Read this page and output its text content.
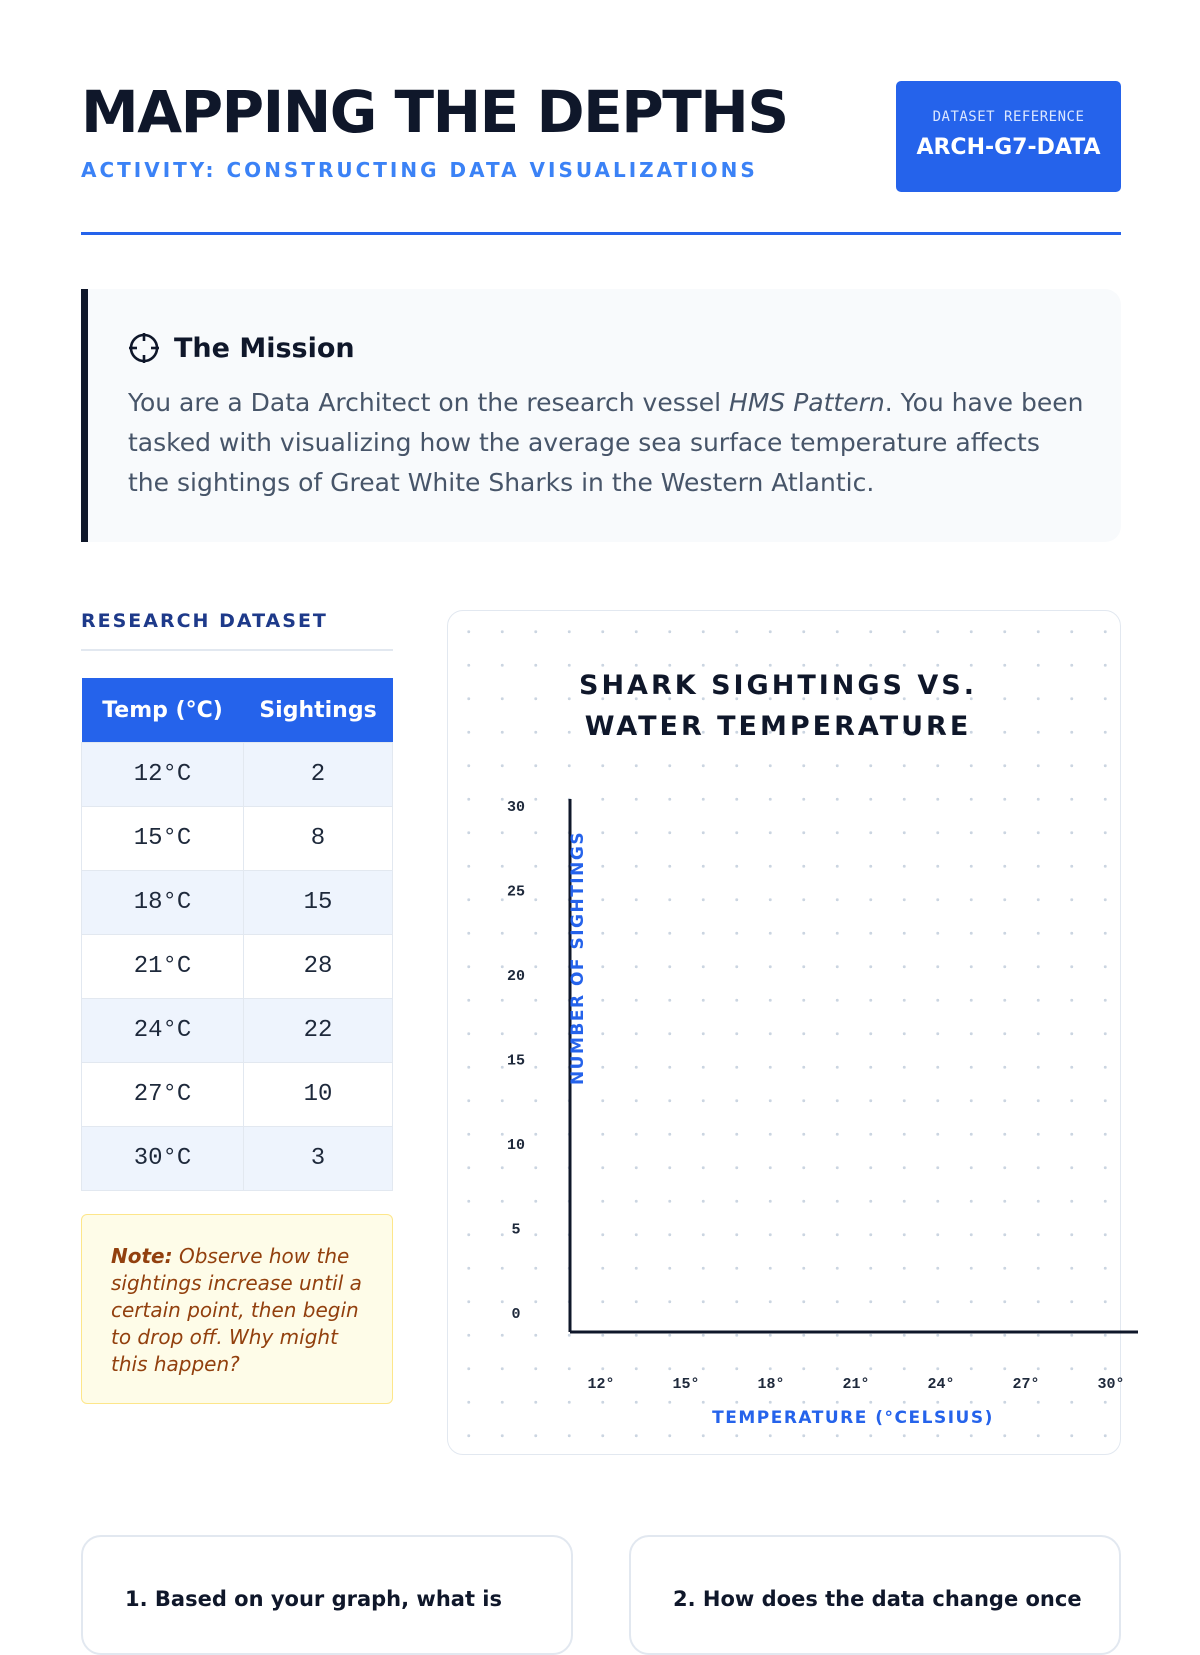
MAPPING THE DEPTHS
ACTIVITY: CONSTRUCTING DATA VISUALIZATIONS
DATASET REFERENCE
ARCH-G7-DATA
The Mission
You are a Data Architect on the research vessel HMS Pattern. You have been tasked with visualizing how the average sea surface temperature affects the sightings of Great White Sharks in the Western Atlantic.
RESEARCH DATASET
Temp (°C)	Sightings
12°C	2
15°C	8
18°C	15
21°C	28
24°C	22
27°C	10
30°C	3
Note: Observe how the sightings increase until a certain point, then begin to drop off. Why might this happen?
SHARK SIGHTINGS VS. WATER TEMPERATURE
0
5
10
15
20
25
30
12°	15°	18°	21°	24°	27°	30°
NUMBER OF SIGHTINGS
TEMPERATURE (°CELSIUS)
1. Based on your graph, what is	2. How does the data change once
